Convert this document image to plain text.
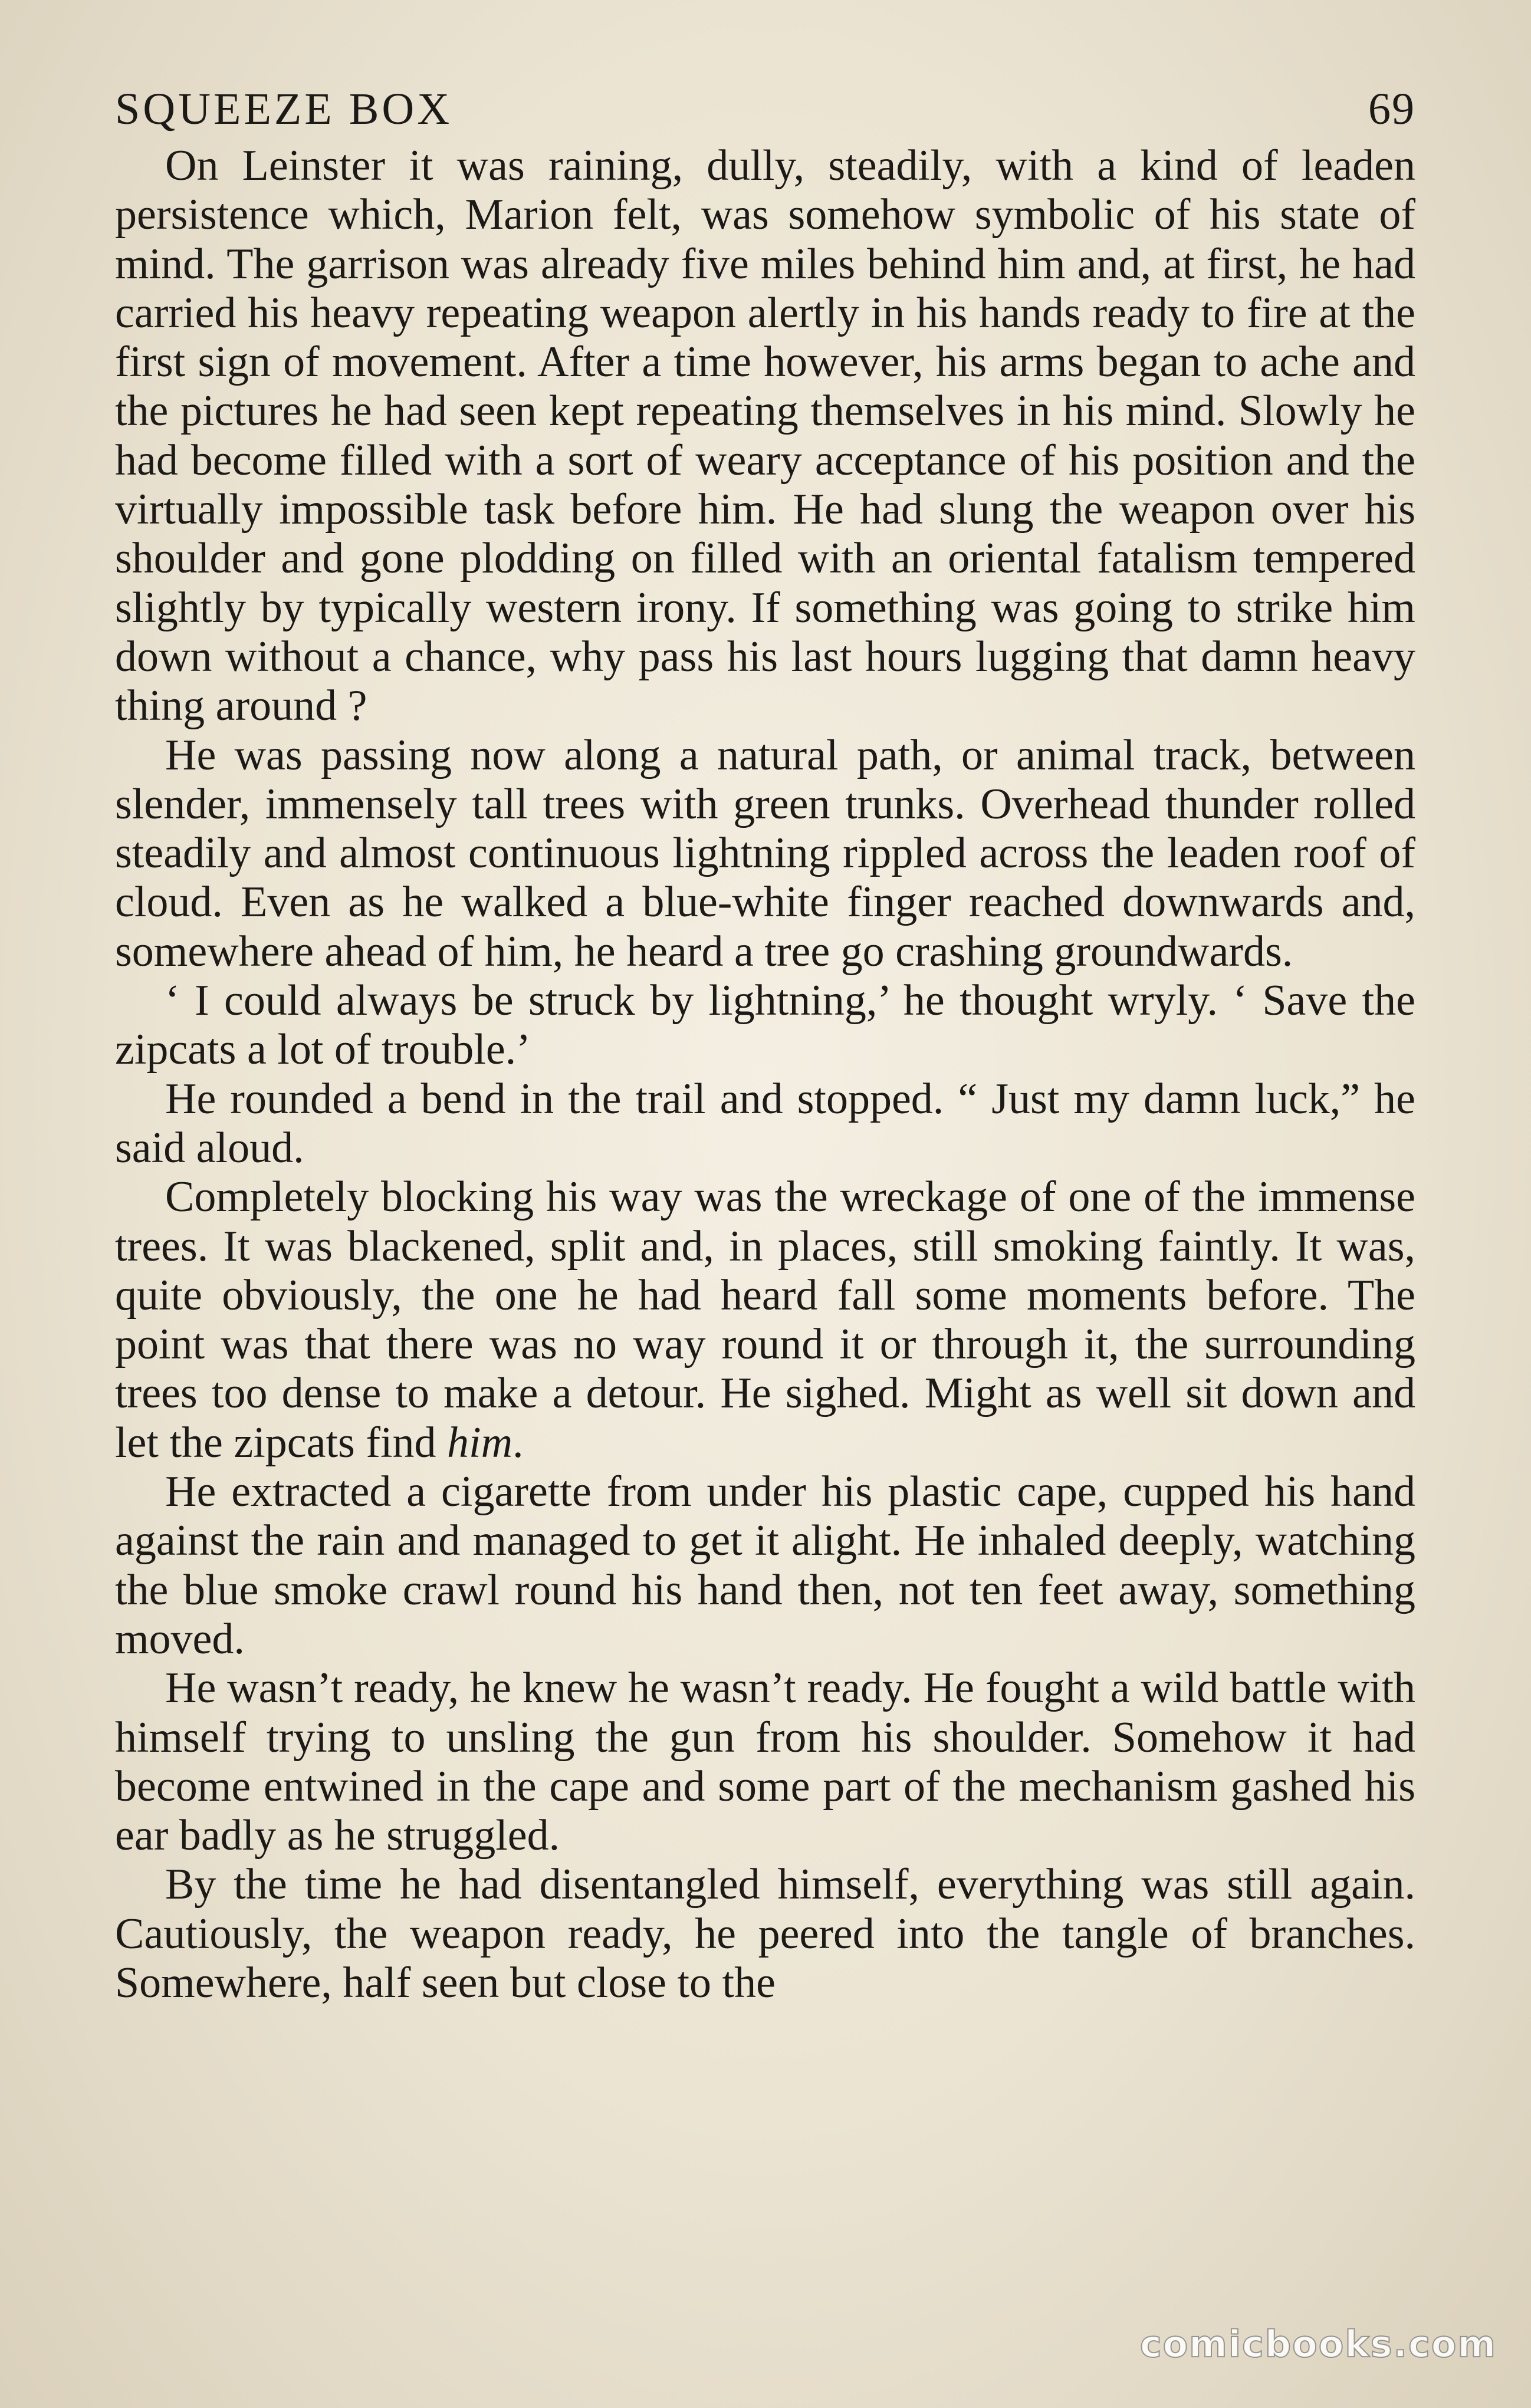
SQUEEZE BOX	69

On Leinster it was raining, dully, steadily, with a kind of leaden persistence which, Marion felt, was somehow symbolic of his state of mind. The garrison was already five miles behind him and, at first, he had carried his heavy repeating weapon alertly in his hands ready to fire at the first sign of movement. After a time however, his arms began to ache and the pictures he had seen kept repeating themselves in his mind. Slowly he had become filled with a sort of weary acceptance of his position and the virtually impossible task before him. He had slung the weapon over his shoulder and gone plodding on filled with an oriental fatalism tempered slightly by typically western irony. If something was going to strike him down without a chance, why pass his last hours lugging that damn heavy thing around ?

He was passing now along a natural path, or animal track, between slender, immensely tall trees with green trunks. Overhead thunder rolled steadily and almost continuous lightning rippled across the leaden roof of cloud. Even as he walked a blue-white finger reached downwards and, somewhere ahead of him, he heard a tree go crashing groundwards.

‘ I could always be struck by lightning,’ he thought wryly. ‘ Save the zipcats a lot of trouble.’

He rounded a bend in the trail and stopped. “ Just my damn luck,” he said aloud.

Completely blocking his way was the wreckage of one of the immense trees. It was blackened, split and, in places, still smoking faintly. It was, quite obviously, the one he had heard fall some moments before. The point was that there was no way round it or through it, the surrounding trees too dense to make a detour. He sighed. Might as well sit down and let the zipcats find him.

He extracted a cigarette from under his plastic cape, cupped his hand against the rain and managed to get it alight. He inhaled deeply, watching the blue smoke crawl round his hand then, not ten feet away, something moved.

He wasn’t ready, he knew he wasn’t ready. He fought a wild battle with himself trying to unsling the gun from his shoulder. Somehow it had become entwined in the cape and some part of the mechanism gashed his ear badly as he struggled.

By the time he had disentangled himself, everything was still again. Cautiously, the weapon ready, he peered into the tangle of branches. Somewhere, half seen but close to the

comicbooks.com
